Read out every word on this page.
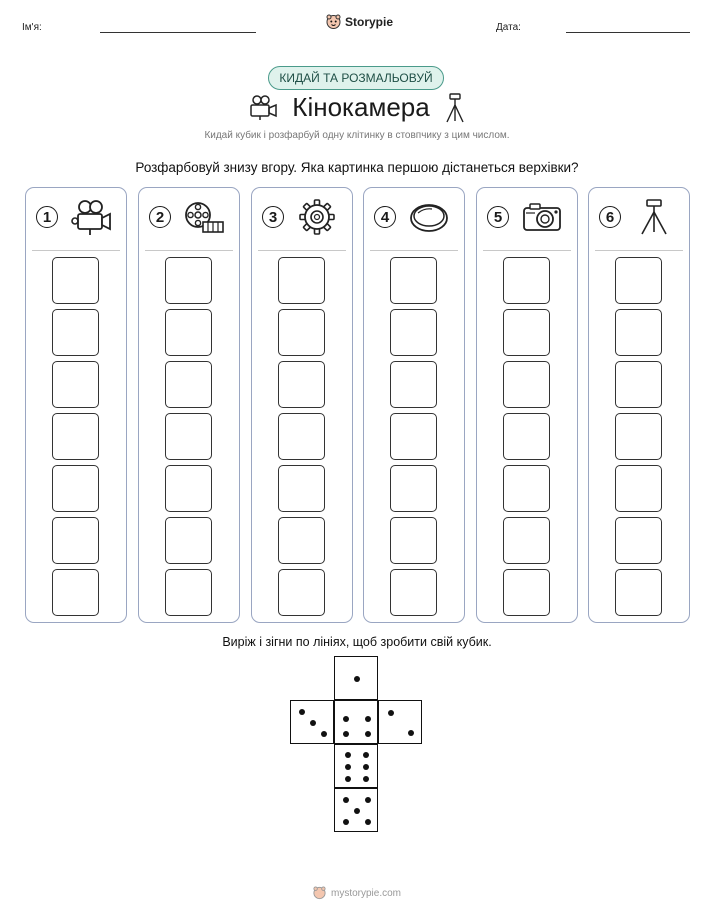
Ім'я:	Storypie	Дата:
КИДАЙ ТА РОЗМАЛЬОВУЙ
Кінокамера
Кидай кубик і розфарбуй одну клітинку в стовпчику з цим числом.
Розфарбовуй знизу вгору. Яка картинка першою дістанеться верхівки?
1	2	3	4	5	6
Виріж і зігни по лініях, щоб зробити свій кубик.
mystorypie.com
